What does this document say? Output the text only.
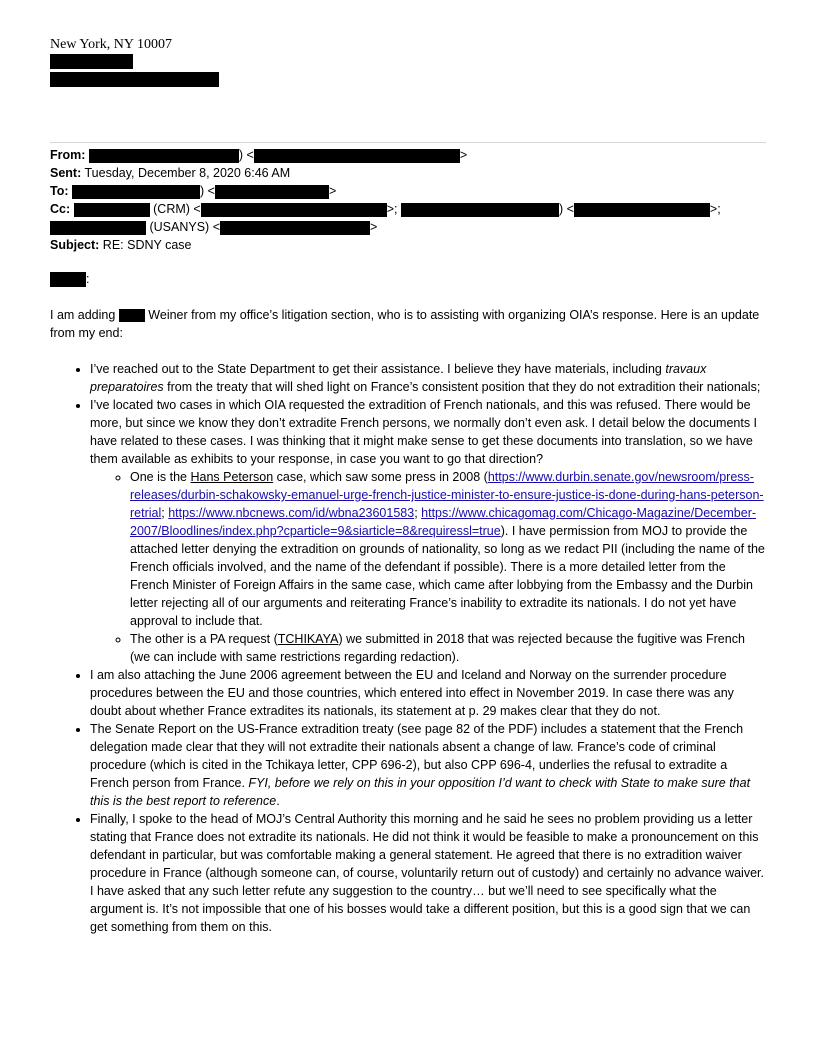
New York, NY 10007
From:	) <	>
Sent: Tuesday, December 8, 2020 6:46 AM
To:	) <	>
Cc:	(CRM) <	>;	) <	>;
(USANYS) <	>
Subject: RE: SDNY case

:

I am adding	Weiner from my office’s litigation section, who is to assisting with organizing OIA’s response. Here is an update from my end:

• I’ve reached out to the State Department to get their assistance. I believe they have materials, including travaux preparatoires from the treaty that will shed light on France’s consistent position that they do not extradition their nationals;
• I’ve located two cases in which OIA requested the extradition of French nationals, and this was refused. There would be more, but since we know they don’t extradite French persons, we normally don’t even ask. I detail below the documents I have related to these cases. I was thinking that it might make sense to get these documents into translation, so we have them available as exhibits to your response, in case you want to go that direction?
◦ One is the Hans Peterson case, which saw some press in 2008 (https://www.durbin.senate.gov/newsroom/press-releases/durbin-schakowsky-emanuel-urge-french-justice-minister-to-ensure-justice-is-done-during-hans-peterson-retrial; https://www.nbcnews.com/id/wbna23601583; https://www.chicagomag.com/Chicago-Magazine/December-2007/Bloodlines/index.php?cparticle=9&siarticle=8&requiressl=true). I have permission from MOJ to provide the attached letter denying the extradition on grounds of nationality, so long as we redact PII (including the name of the French officials involved, and the name of the defendant if possible). There is a more detailed letter from the French Minister of Foreign Affairs in the same case, which came after lobbying from the Embassy and the Durbin letter rejecting all of our arguments and reiterating France’s inability to extradite its nationals. I do not yet have approval to include that.
◦ The other is a PA request (TCHIKAYA) we submitted in 2018 that was rejected because the fugitive was French (we can include with same restrictions regarding redaction).
• I am also attaching the June 2006 agreement between the EU and Iceland and Norway on the surrender procedure procedures between the EU and those countries, which entered into effect in November 2019. In case there was any doubt about whether France extradites its nationals, its statement at p. 29 makes clear that they do not.
• The Senate Report on the US-France extradition treaty (see page 82 of the PDF) includes a statement that the French delegation made clear that they will not extradite their nationals absent a change of law. France’s code of criminal procedure (which is cited in the Tchikaya letter, CPP 696-2), but also CPP 696-4, underlies the refusal to extradite a French person from France. FYI, before we rely on this in your opposition I’d want to check with State to make sure that this is the best report to reference.
• Finally, I spoke to the head of MOJ’s Central Authority this morning and he said he sees no problem providing us a letter stating that France does not extradite its nationals. He did not think it would be feasible to make a pronouncement on this defendant in particular, but was comfortable making a general statement. He agreed that there is no extradition waiver procedure in France (although someone can, of course, voluntarily return out of custody) and certainly no advance waiver. I have asked that any such letter refute any suggestion to the country… but we’ll need to see specifically what the argument is. It’s not impossible that one of his bosses would take a different position, but this is a good sign that we can get something from them on this.
